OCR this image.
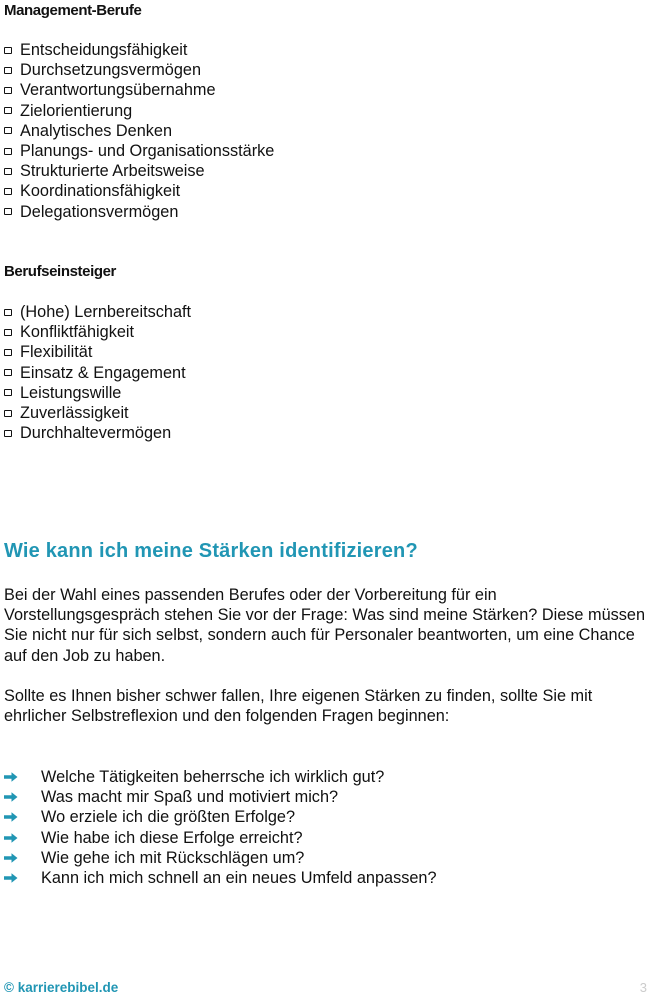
Management-Berufe
Entscheidungsfähigkeit
Durchsetzungsvermögen
Verantwortungsübernahme
Zielorientierung
Analytisches Denken
Planungs- und Organisationsstärke
Strukturierte Arbeitsweise
Koordinationsfähigkeit
Delegationsvermögen
Berufseinsteiger
(Hohe) Lernbereitschaft
Konfliktfähigkeit
Flexibilität
Einsatz & Engagement
Leistungswille
Zuverlässigkeit
Durchhaltevermögen
Wie kann ich meine Stärken identifizieren?

Bei der Wahl eines passenden Berufes oder der Vorbereitung für ein Vorstellungsgespräch stehen Sie vor der Frage: Was sind meine Stärken? Diese müssen Sie nicht nur für sich selbst, sondern auch für Personaler beantworten, um eine Chance auf den Job zu haben.

Sollte es Ihnen bisher schwer fallen, Ihre eigenen Stärken zu finden, sollte Sie mit ehrlicher Selbstreflexion und den folgenden Fragen beginnen:

Welche Tätigkeiten beherrsche ich wirklich gut?
Was macht mir Spaß und motiviert mich?
Wo erziele ich die größten Erfolge?
Wie habe ich diese Erfolge erreicht?
Wie gehe ich mit Rückschlägen um?
Kann ich mich schnell an ein neues Umfeld anpassen?
© karrierebibel.de	3
